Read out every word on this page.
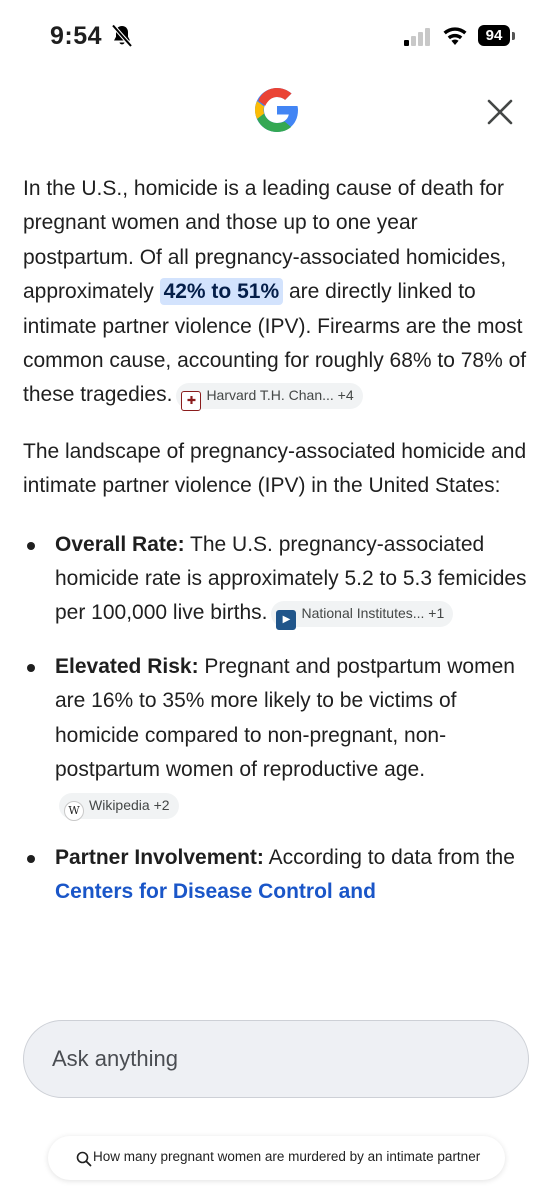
9:54	94

In the U.S., homicide is a leading cause of death for pregnant women and those up to one year postpartum. Of all pregnancy-associated homicides, approximately 42% to 51% are directly linked to intimate partner violence (IPV). Firearms are the most common cause, accounting for roughly 68% to 78% of these tragedies. ✚ Harvard T.H. Chan... +4

The landscape of pregnancy-associated homicide and intimate partner violence (IPV) in the United States:

Overall Rate: The U.S. pregnancy-associated homicide rate is approximately 5.2 to 5.3 femicides per 100,000 live births. ▶ National Institutes... +1
Elevated Risk: Pregnant and postpartum women are 16% to 35% more likely to be victims of homicide compared to non-pregnant, non-postpartum women of reproductive age.W Wikipedia +2
Partner Involvement: According to data from the Centers for Disease Control and
Ask anything
How many pregnant women are murdered by an intimate partner
